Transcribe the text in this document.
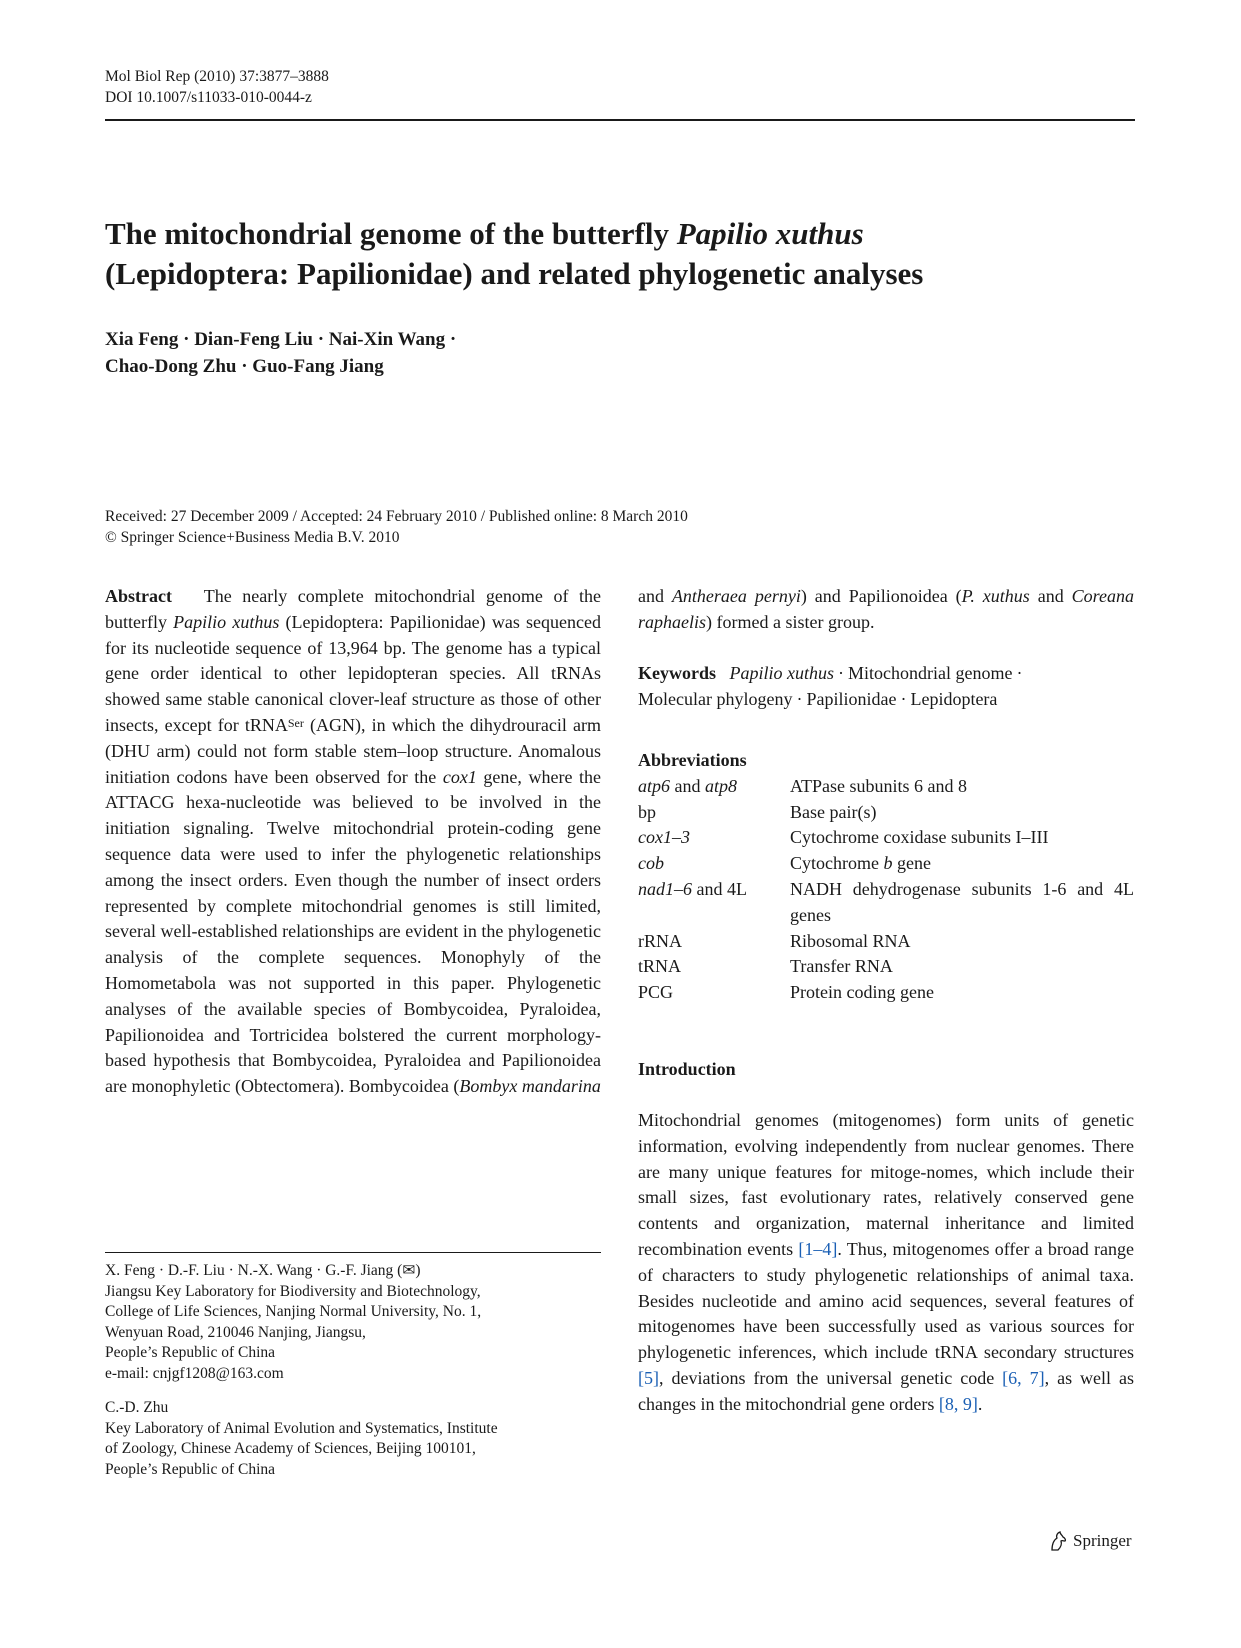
Mol Biol Rep (2010) 37:3877–3888
DOI 10.1007/s11033-010-0044-z
The mitochondrial genome of the butterfly Papilio xuthus
(Lepidoptera: Papilionidae) and related phylogenetic analyses
Xia Feng · Dian-Feng Liu · Nai-Xin Wang ·
Chao-Dong Zhu · Guo-Fang Jiang
Received: 27 December 2009 / Accepted: 24 February 2010 / Published online: 8 March 2010
© Springer Science+Business Media B.V. 2010

Abstract The nearly complete mitochondrial genome of the butterfly Papilio xuthus (Lepidoptera: Papilionidae) was sequenced for its nucleotide sequence of 13,964 bp. The genome has a typical gene order identical to other lepidopteran species. All tRNAs showed same stable canonical clover-leaf structure as those of other insects, except for tRNA$^{Ser}$ (AGN), in which the dihydrouracil arm (DHU arm) could not form stable stem–loop structure. Anomalous initiation codons have been observed for the cox1 gene, where the ATTACG hexa-nucleotide was believed to be involved in the initiation signaling. Twelve mitochondrial protein-coding gene sequence data were used to infer the phylogenetic relationships among the insect orders. Even though the number of insect orders represented by complete mitochondrial genomes is still limited, several well-established relationships are evident in the phylogenetic analysis of the complete sequences. Monophyly of the Homometabola was not supported in this paper. Phylogenetic analyses of the available species of Bombycoidea, Pyraloidea, Papilionoidea and Tortricidea bolstered the current morphology-based hypothesis that Bombycoidea, Pyraloidea and Papilionoidea are monophyletic (Obtectomera). Bombycoidea (Bombyx mandarina

X. Feng · D.-F. Liu · N.-X. Wang · G.-F. Jiang (✉)
Jiangsu Key Laboratory for Biodiversity and Biotechnology,
College of Life Sciences, Nanjing Normal University, No. 1,
Wenyuan Road, 210046 Nanjing, Jiangsu,
People’s Republic of China
e-mail: cnjgf1208@163.com
C.-D. Zhu
Key Laboratory of Animal Evolution and Systematics, Institute
of Zoology, Chinese Academy of Sciences, Beijing 100101,
People’s Republic of China

and Antheraea pernyi) and Papilionoidea (P. xuthus and Coreana raphaelis) formed a sister group.

Keywords Papilio xuthus · Mitochondrial genome ·
Molecular phylogeny · Papilionidae · Lepidoptera
Abbreviations
atp6 and atp8	ATPase subunits 6 and 8
bp	Base pair(s)
cox1–3	Cytochrome coxidase subunits I–III
cob	Cytochrome b gene
nad1–6 and 4L	NADH dehydrogenase subunits 1-6 and 4L genes
rRNA	Ribosomal RNA
tRNA	Transfer RNA
PCG	Protein coding gene
Introduction

Mitochondrial genomes (mitogenomes) form units of genetic information, evolving independently from nuclear genomes. There are many unique features for mitoge-nomes, which include their small sizes, fast evolutionary rates, relatively conserved gene contents and organization, maternal inheritance and limited recombination events [1–4]. Thus, mitogenomes offer a broad range of characters to study phylogenetic relationships of animal taxa. Besides nucleotide and amino acid sequences, several features of mitogenomes have been successfully used as various sources for phylogenetic inferences, which include tRNA secondary structures [5], deviations from the universal genetic code [6, 7], as well as changes in the mitochondrial gene orders [8, 9].

Springer
